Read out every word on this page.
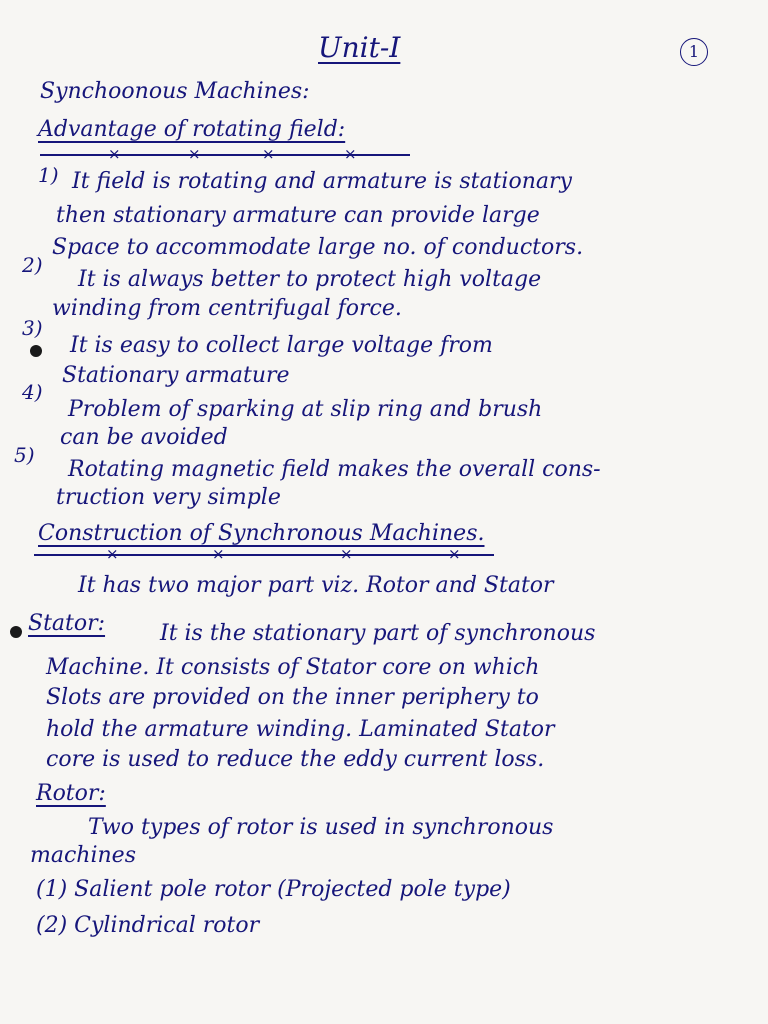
Unit-I	1
Synchoonous Machines:
Advantage of rotating field:
×	×	×	×
1) It field is rotating and armature is stationary
then stationary armature can provide large
Space to accommodate large no. of conductors.
2)
It is always better to protect high voltage
winding from centrifugal force.
3)
It is easy to collect large voltage from
Stationary armature
4)
Problem of sparking at slip ring and brush
can be avoided
5)
Rotating magnetic field makes the overall cons-
truction very simple
Construction of Synchronous Machines.
×	×	×	×
It has two major part viz. Rotor and Stator
Stator: It is the stationary part of synchronous
Machine. It consists of Stator core on which
Slots are provided on the inner periphery to
hold the armature winding. Laminated Stator
core is used to reduce the eddy current loss.
Rotor:
Two types of rotor is used in synchronous
machines
(1) Salient pole rotor (Projected pole type)
(2) Cylindrical rotor
